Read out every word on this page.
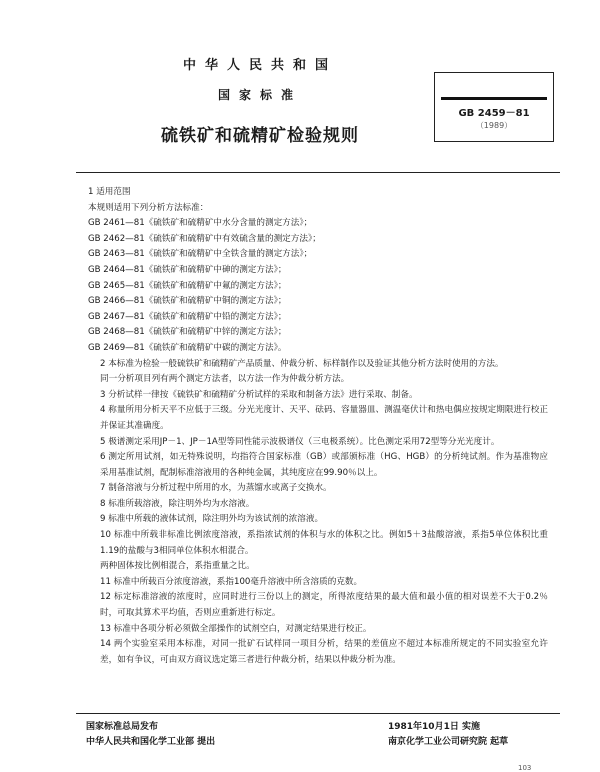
中华人民共和国
国家标准
硫铁矿和硫精矿检验规则
GB 2459－81
（1989）

1 适用范围

本规则适用下列分析方法标准：

GB 2461—81《硫铁矿和硫精矿中水分含量的测定方法》；

GB 2462—81《硫铁矿和硫精矿中有效硫含量的测定方法》；

GB 2463—81《硫铁矿和硫精矿中全铁含量的测定方法》；

GB 2464—81《硫铁矿和硫精矿中砷的测定方法》；

GB 2465—81《硫铁矿和硫精矿中氟的测定方法》；

GB 2466—81《硫铁矿和硫精矿中铜的测定方法》；

GB 2467—81《硫铁矿和硫精矿中铅的测定方法》；

GB 2468—81《硫铁矿和硫精矿中锌的测定方法》；

GB 2469—81《硫铁矿和硫精矿中碳的测定方法》。

2 本标准为检验一般硫铁矿和硫精矿产品质量、仲裁分析、标样制作以及验证其他分析方法时使用的方法。

同一分析项目列有两个测定方法者，以方法一作为仲裁分析方法。

3 分析试样一律按《硫铁矿和硫精矿分析试样的采取和制备方法》进行采取、制备。

4 称量所用分析天平不应低于三级。分光光度计、天平、砝码、容量器皿、测温毫伏计和热电偶应按规定期限进行校正并保证其准确度。

5 极谱测定采用JP－1、JP－1A型等同性能示波极谱仪（三电极系统）。比色测定采用72型等分光光度计。

6 测定所用试剂，如无特殊说明，均指符合国家标准（GB）或部颁标准（HG、HGB）的分析纯试剂。作为基准物应采用基准试剂，配制标准溶液用的各种纯金属，其纯度应在99.90％以上。

7 制备溶液与分析过程中所用的水，为蒸馏水或离子交换水。

8 标准所载溶液，除注明外均为水溶液。

9 标准中所载的液体试剂，除注明外均为该试剂的浓溶液。

10 标准中所载非标准比例浓度溶液，系指浓试剂的体积与水的体积之比。例如5＋3盐酸溶液，系指5单位体积比重1.19的盐酸与3相同单位体积水相混合。

两种固体按比例相混合，系指重量之比。

11 标准中所载百分浓度溶液，系指100毫升溶液中所含溶质的克数。

12 标定标准溶液的浓度时，应同时进行三份以上的测定，所得浓度结果的最大值和最小值的相对误差不大于0.2％时，可取其算术平均值，否则应重新进行标定。

13 标准中各项分析必须做全部操作的试剂空白，对测定结果进行校正。

14 两个实验室采用本标准，对同一批矿石试样同一项目分析，结果的差值应不超过本标准所规定的不同实验室允许差，如有争议，可由双方商议选定第三者进行仲裁分析，结果以仲裁分析为准。

国家标准总局发布

中华人民共和国化学工业部 提出

1981年10月1日 实施

南京化学工业公司研究院 起草

103
